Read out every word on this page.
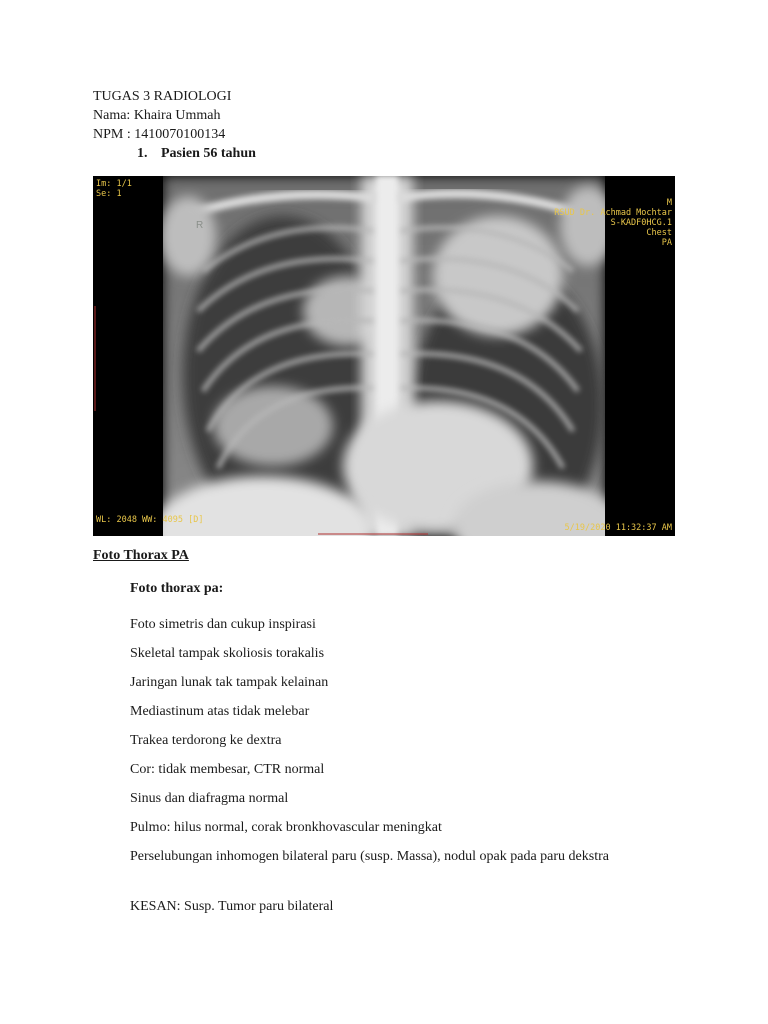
TUGAS 3 RADIOLOGI
Nama: Khaira Ummah
NPM : 1410070100134
1. Pasien 56 tahun
Im: 1/1
Se: 1
M
RSUD Dr. Achmad Mochtar
S-KADF0HCG.1
Chest
PA
WL: 2048 WW: 4095 [D]
5/19/2020 11:32:37 AM
R
Foto Thorax PA
Foto thorax pa:
Foto simetris dan cukup inspirasi
Skeletal tampak skoliosis torakalis
Jaringan lunak tak tampak kelainan
Mediastinum atas tidak melebar
Trakea terdorong ke dextra
Cor: tidak membesar, CTR normal
Sinus dan diafragma normal
Pulmo: hilus normal, corak bronkhovascular meningkat
Perselubungan inhomogen bilateral paru (susp. Massa), nodul opak pada paru dekstra
KESAN: Susp. Tumor paru bilateral
